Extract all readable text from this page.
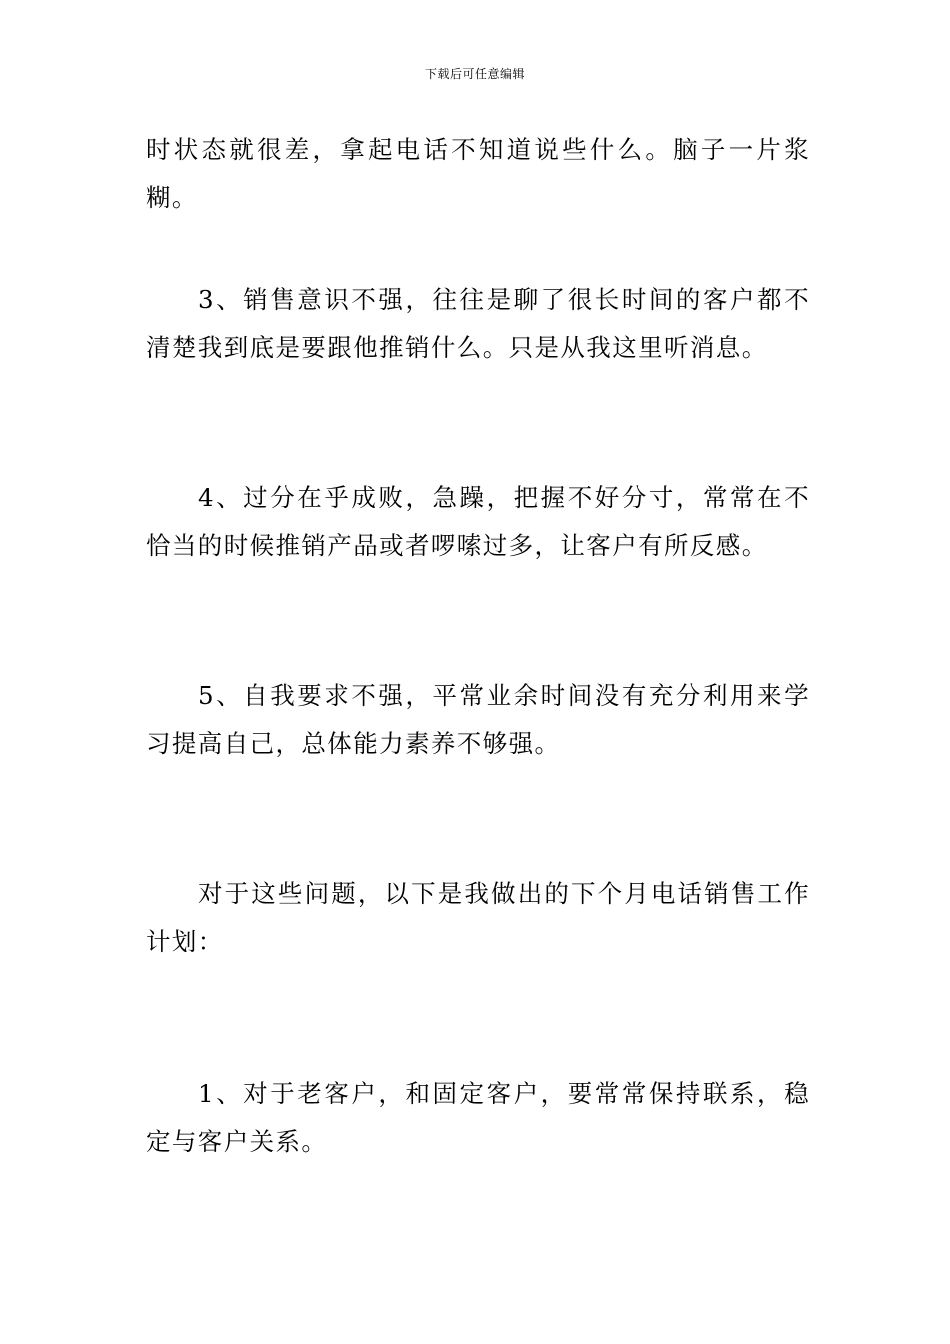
下载后可任意编辑

时状态就很差，拿起电话不知道说些什么。脑子一片浆糊。

3、销售意识不强，往往是聊了很长时间的客户都不清楚我到底是要跟他推销什么。只是从我这里听消息。

4、过分在乎成败，急躁，把握不好分寸，常常在不恰当的时候推销产品或者啰嗦过多，让客户有所反感。

5、自我要求不强，平常业余时间没有充分利用来学习提高自己，总体能力素养不够强。

对于这些问题，以下是我做出的下个月电话销售工作计划：

1、对于老客户，和固定客户，要常常保持联系，稳定与客户关系。
